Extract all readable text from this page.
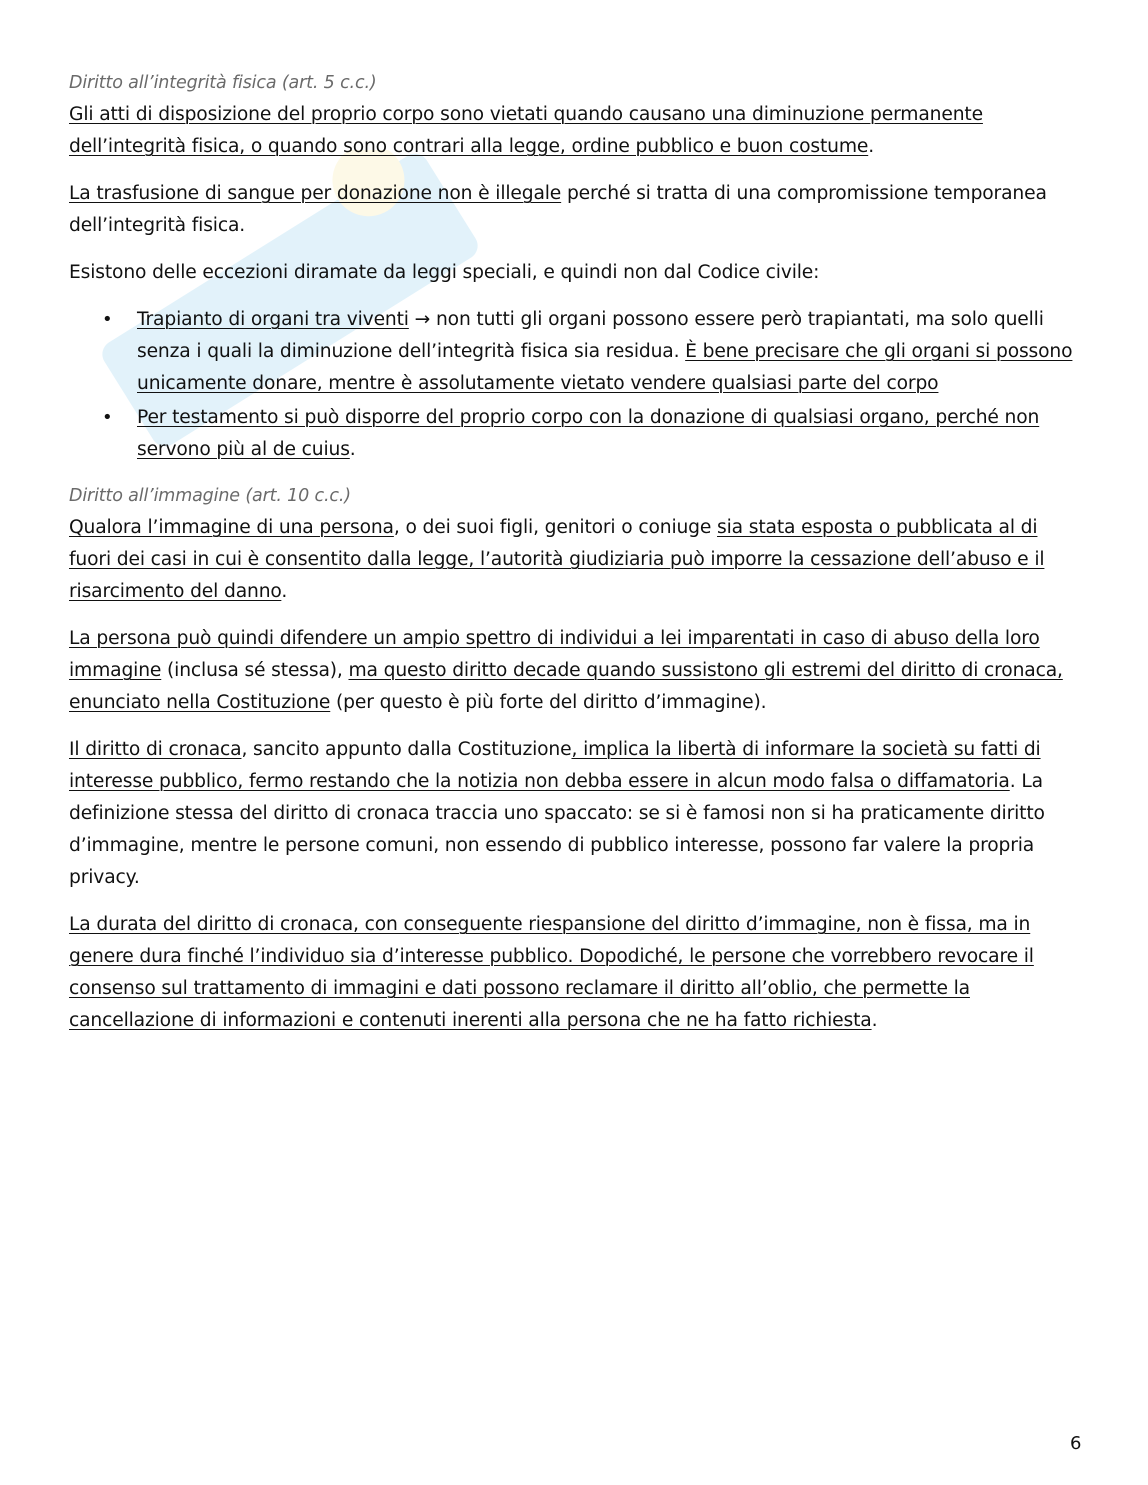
Diritto all’integrità fisica (art. 5 c.c.)

Gli atti di disposizione del proprio corpo sono vietati quando causano una diminuzione permanente dell’integrità fisica, o quando sono contrari alla legge, ordine pubblico e buon costume.

La trasfusione di sangue per donazione non è illegale perché si tratta di una compromissione temporanea dell’integrità fisica.

Esistono delle eccezioni diramate da leggi speciali, e quindi non dal Codice civile:

• Trapianto di organi tra viventi → non tutti gli organi possono essere però trapiantati, ma solo quelli senza i quali la diminuzione dell’integrità fisica sia residua. È bene precisare che gli organi si possono unicamente donare, mentre è assolutamente vietato vendere qualsiasi parte del corpo
• Per testamento si può disporre del proprio corpo con la donazione di qualsiasi organo, perché non servono più al de cuius.
Diritto all’immagine (art. 10 c.c.)

Qualora l’immagine di una persona, o dei suoi figli, genitori o coniuge sia stata esposta o pubblicata al di fuori dei casi in cui è consentito dalla legge, l’autorità giudiziaria può imporre la cessazione dell’abuso e il risarcimento del danno.

La persona può quindi difendere un ampio spettro di individui a lei imparentati in caso di abuso della loro immagine (inclusa sé stessa), ma questo diritto decade quando sussistono gli estremi del diritto di cronaca, enunciato nella Costituzione (per questo è più forte del diritto d’immagine).

Il diritto di cronaca, sancito appunto dalla Costituzione, implica la libertà di informare la società su fatti di interesse pubblico, fermo restando che la notizia non debba essere in alcun modo falsa o diffamatoria. La definizione stessa del diritto di cronaca traccia uno spaccato: se si è famosi non si ha praticamente diritto d’immagine, mentre le persone comuni, non essendo di pubblico interesse, possono far valere la propria privacy.

La durata del diritto di cronaca, con conseguente riespansione del diritto d’immagine, non è fissa, ma in genere dura finché l’individuo sia d’interesse pubblico. Dopodiché, le persone che vorrebbero revocare il consenso sul trattamento di immagini e dati possono reclamare il diritto all’oblio, che permette la cancellazione di informazioni e contenuti inerenti alla persona che ne ha fatto richiesta.

6
